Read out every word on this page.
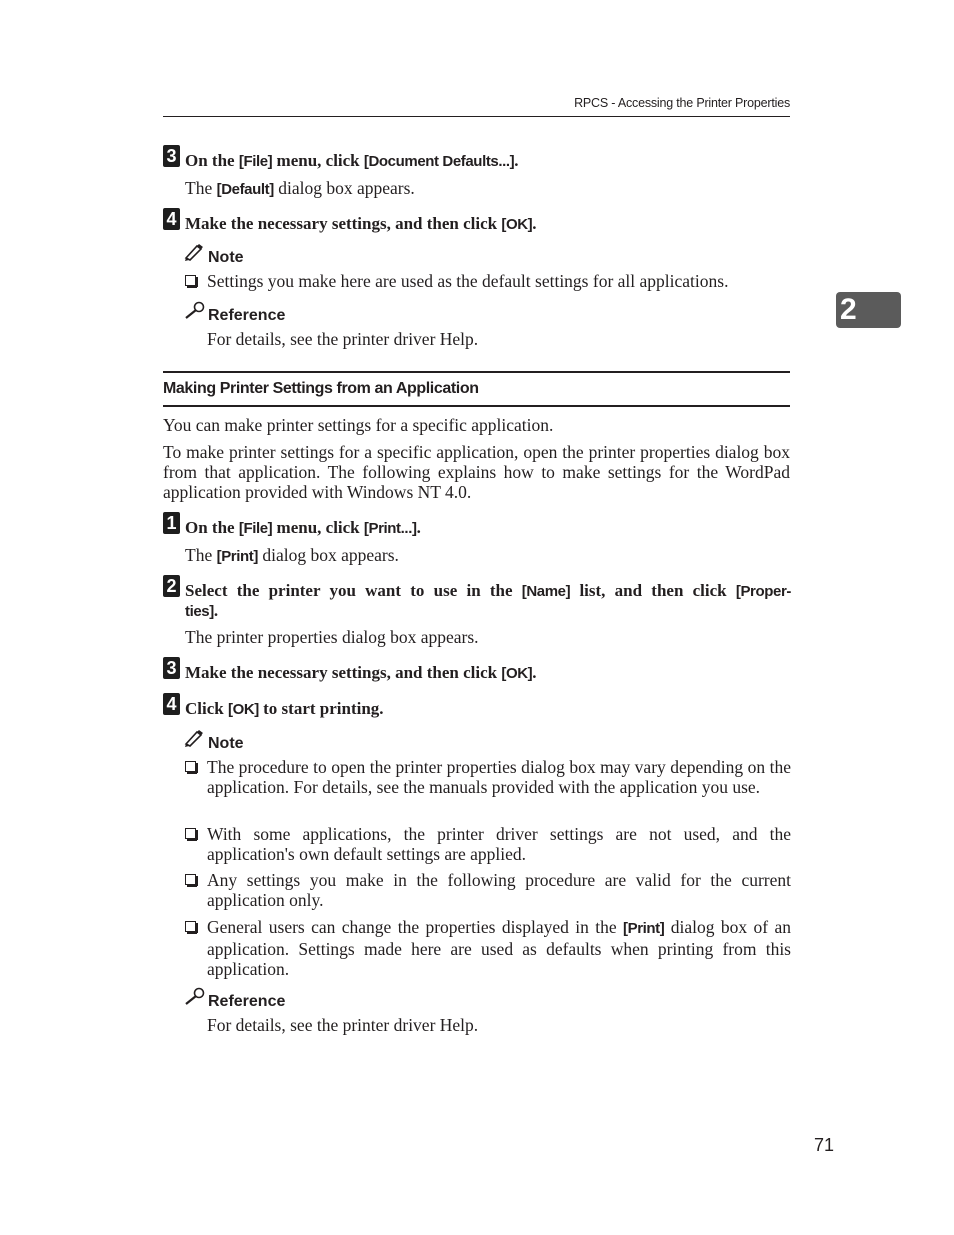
RPCS - Accessing the Printer Properties
2
3 On the [File] menu, click [Document Defaults...].
The [Default] dialog box appears.
4 Make the necessary settings, and then click [OK].
Note
Settings you make here are used as the default settings for all applications.
Reference
For details, see the printer driver Help.
Making Printer Settings from an Application
You can make printer settings for a specific application.
To make printer settings for a specific application, open the printer properties dialog box from that application. The following explains how to make settings for the WordPad application provided with Windows NT 4.0.
1 On the [File] menu, click [Print...].
The [Print] dialog box appears.
2 Select the printer you want to use in the [Name] list, and then click [Proper-
ties].
The printer properties dialog box appears.
3 Make the necessary settings, and then click [OK].
4 Click [OK] to start printing.
Note
The procedure to open the printer properties dialog box may vary depending on the application. For details, see the manuals provided with the application you use.
With some applications, the printer driver settings are not used, and the application's own default settings are applied.
Any settings you make in the following procedure are valid for the current application only.
General users can change the properties displayed in the [Print] dialog box of an application. Settings made here are used as defaults when printing from this application.
Reference
For details, see the printer driver Help.
71
